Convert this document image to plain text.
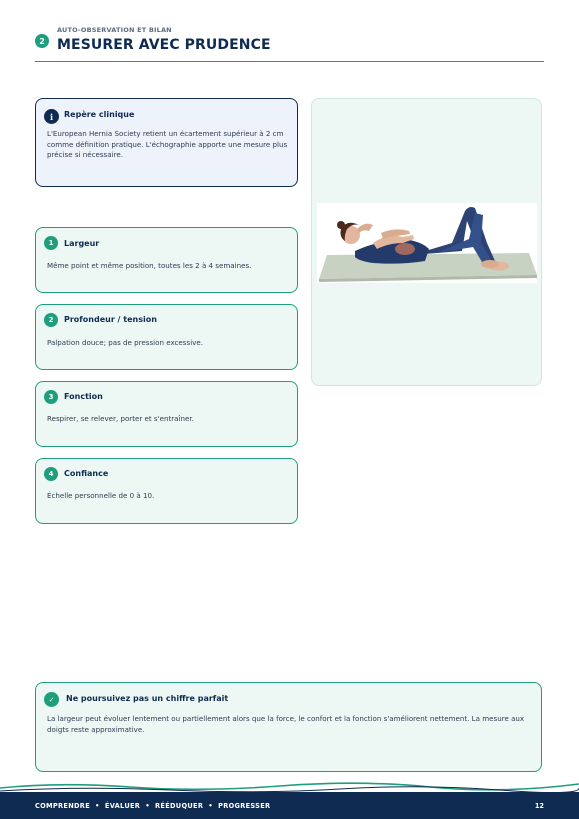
AUTO-OBSERVATION ET BILAN
2 MESURER AVEC PRUDENCE
i	Repère clinique
L'European Hernia Society retient un écartement supérieur à 2 cm comme définition pratique. L'échographie apporte une mesure plus précise si nécessaire.
1	Largeur
Même point et même position, toutes les 2 à 4 semaines.
2	Profondeur / tension
Palpation douce; pas de pression excessive.
3	Fonction
Respirer, se relever, porter et s'entraîner.
4	Confiance
Échelle personnelle de 0 à 10.
✓	Ne poursuivez pas un chiffre parfait
La largeur peut évoluer lentement ou partiellement alors que la force, le confort et la fonction s'améliorent nettement. La mesure aux doigts reste approximative.
COMPRENDRE  •  ÉVALUER  •  RÉÉDUQUER  •  PROGRESSER	12
